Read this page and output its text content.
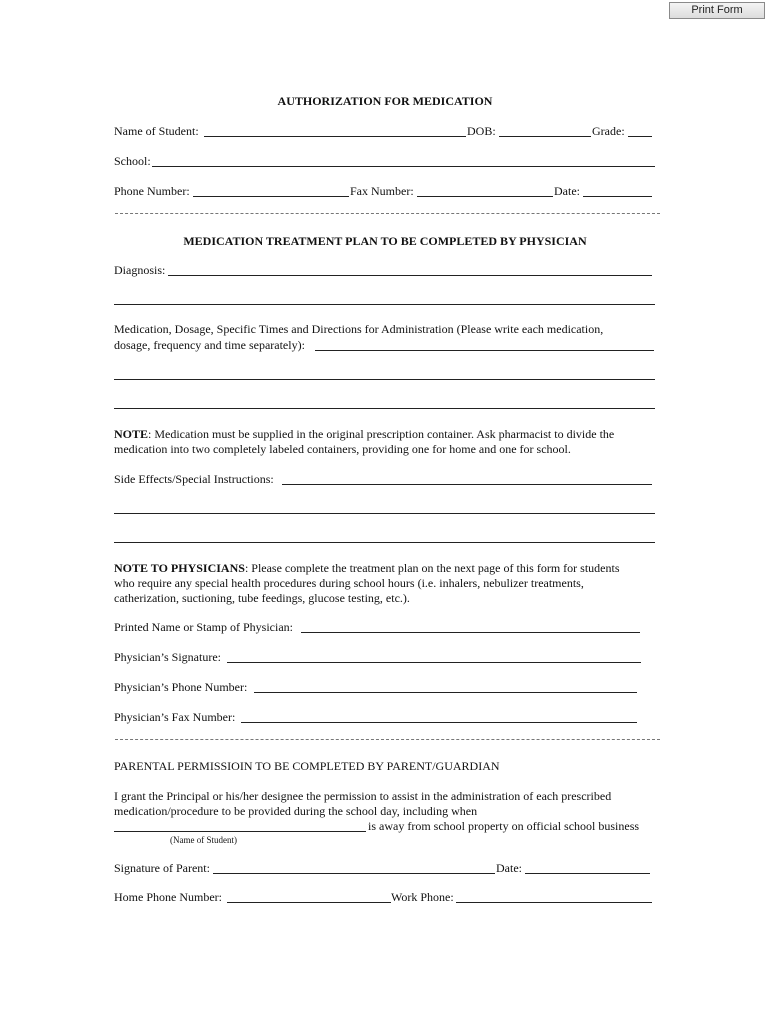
Print Form
AUTHORIZATION FOR MEDICATION
Name of Student:	DOB:	Grade:
School:
Phone Number:	Fax Number:	Date:
MEDICATION TREATMENT PLAN TO BE COMPLETED BY PHYSICIAN
Diagnosis:
Medication, Dosage, Specific Times and Directions for Administration (Please write each medication,
dosage, frequency and time separately):
NOTE: Medication must be supplied in the original prescription container. Ask pharmacist to divide the
medication into two completely labeled containers, providing one for home and one for school.
Side Effects/Special Instructions:
NOTE TO PHYSICIANS: Please complete the treatment plan on the next page of this form for students
who require any special health procedures during school hours (i.e. inhalers, nebulizer treatments,
catherization, suctioning, tube feedings, glucose testing, etc.).
Printed Name or Stamp of Physician:
Physician’s Signature:
Physician’s Phone Number:
Physician’s Fax Number:
PARENTAL PERMISSIOIN TO BE COMPLETED BY PARENT/GUARDIAN
I grant the Principal or his/her designee the permission to assist in the administration of each prescribed
medication/procedure to be provided during the school day, including when
is away from school property on official school business
(Name of Student)
Signature of Parent:	Date:
Home Phone Number:	Work Phone:
